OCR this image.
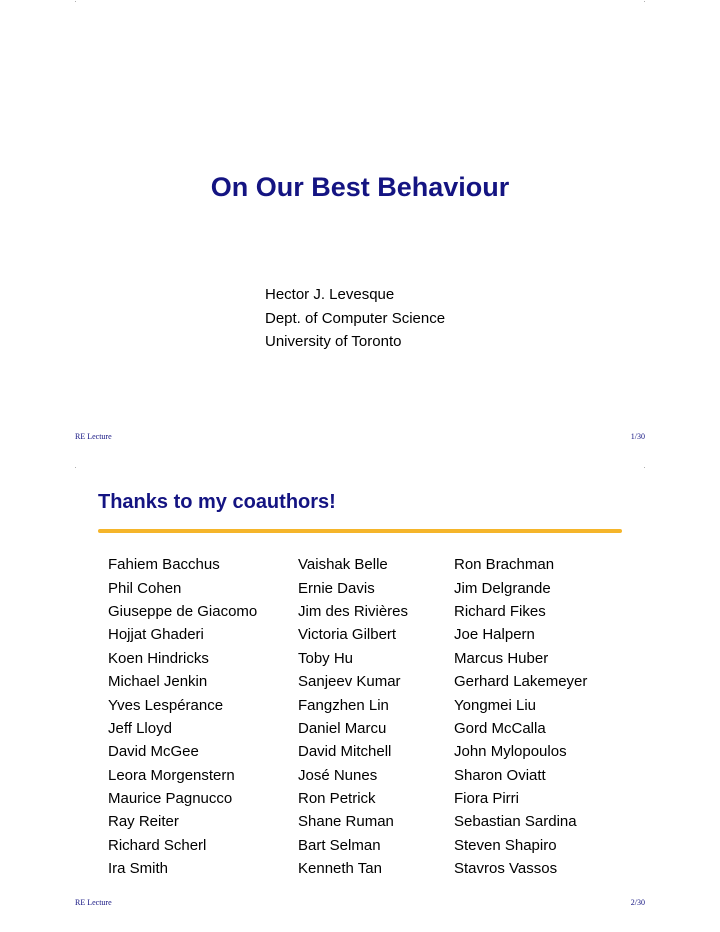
On Our Best Behaviour
Hector J. Levesque
Dept. of Computer Science
University of Toronto
RE Lecture	1/30
Thanks to my coauthors!
Fahiem Bacchus	Vaishak Belle	Ron Brachman
Phil Cohen	Ernie Davis	Jim Delgrande
Giuseppe de Giacomo	Jim des Rivières	Richard Fikes
Hojjat Ghaderi	Victoria Gilbert	Joe Halpern
Koen Hindricks	Toby Hu	Marcus Huber
Michael Jenkin	Sanjeev Kumar	Gerhard Lakemeyer
Yves Lespérance	Fangzhen Lin	Yongmei Liu
Jeff Lloyd	Daniel Marcu	Gord McCalla
David McGee	David Mitchell	John Mylopoulos
Leora Morgenstern	José Nunes	Sharon Oviatt
Maurice Pagnucco	Ron Petrick	Fiora Pirri
Ray Reiter	Shane Ruman	Sebastian Sardina
Richard Scherl	Bart Selman	Steven Shapiro
Ira Smith	Kenneth Tan	Stavros Vassos
RE Lecture	2/30
